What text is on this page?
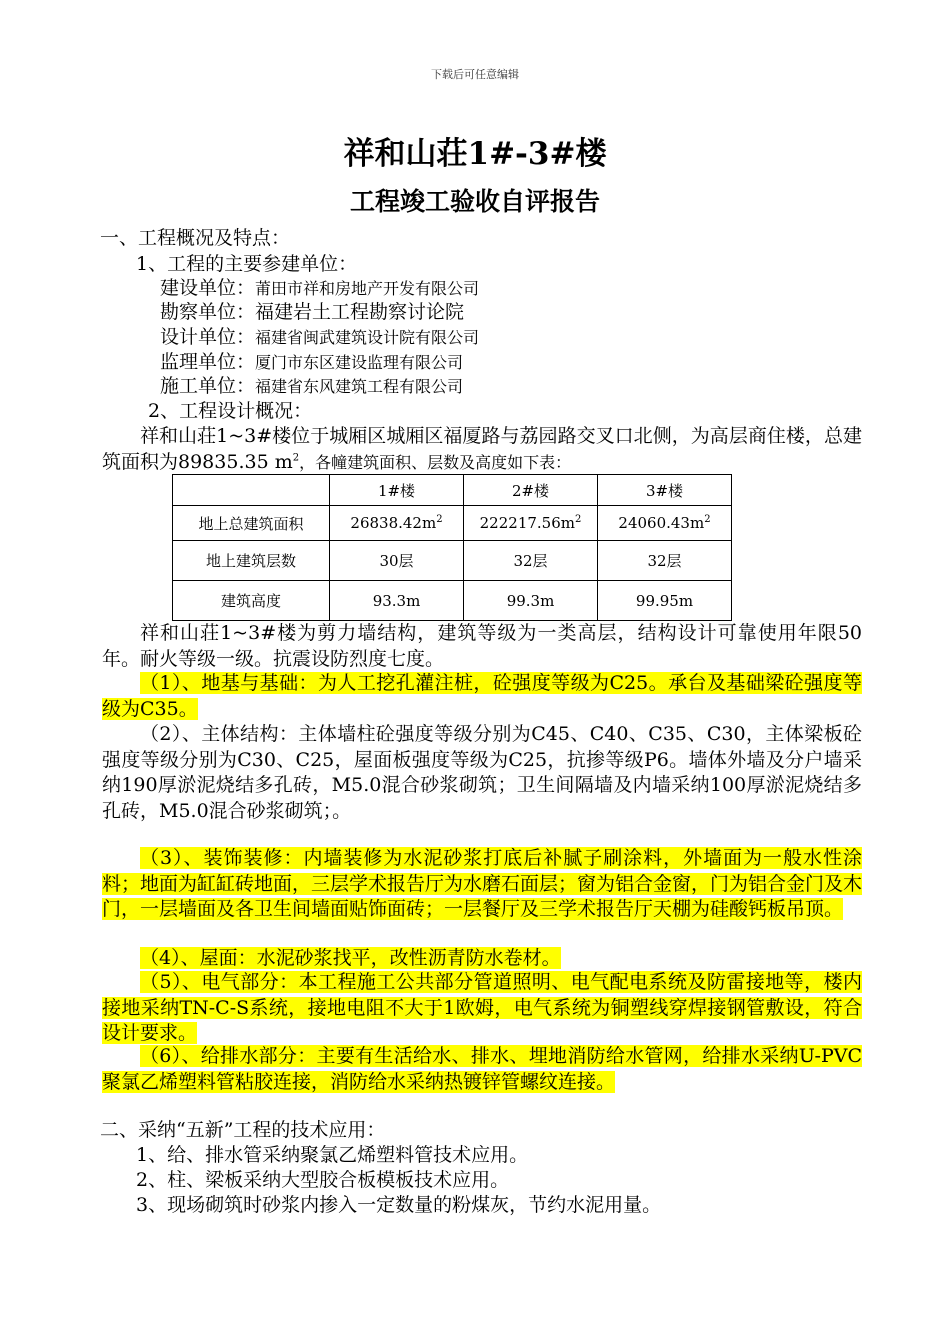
下载后可任意编辑
祥和山荘1#-3#楼
工程竣工验收自评报告
一、工程概况及特点：
1、工程的主要参建单位：
建设单位：莆田市祥和房地产开发有限公司
勘察单位：福建岩土工程勘察讨论院
设计单位：福建省闽武建筑设计院有限公司
监理单位：厦门市东区建设监理有限公司
施工单位：福建省东风建筑工程有限公司
2、工程设计概况：
祥和山荘1~3#楼位于城厢区城厢区福厦路与荔园路交叉口北侧，为高层商住楼，总建筑面积为89835.35 $m^2$，各幢建筑面积、层数及高度如下表：
	1#楼	2#楼	3#楼
地上总建筑面积	$26838.42m^2$	$222217.56m^2$	$24060.43m^2$
地上建筑层数	30层	32层	32层
建筑高度	93.3m	99.3m	99.95m
祥和山荘1~3#楼为剪力墙结构，建筑等级为一类高层，结构设计可靠使用年限50年。耐火等级一级。抗震设防烈度七度。
（1）、地基与基础：为人工挖孔灌注桩，砼强度等级为C25。承台及基础梁砼强度等级为C35。
（2）、主体结构：主体墙柱砼强度等级分别为C45、C40、C35、C30，主体梁板砼强度等级分别为C30、C25，屋面板强度等级为C25，抗掺等级P6。墙体外墙及分户墙采纳190厚淤泥烧结多孔砖，M5.0混合砂浆砌筑；卫生间隔墙及内墙采纳100厚淤泥烧结多孔砖，M5.0混合砂浆砌筑；。
（3）、装饰装修：内墙装修为水泥砂浆打底后补腻子刷涂料，外墙面为一般水性涂料；地面为缸缸砖地面，三层学术报告厅为水磨石面层；窗为铝合金窗，门为铝合金门及木门，一层墙面及各卫生间墙面贴饰面砖；一层餐厅及三学术报告厅天棚为硅酸钙板吊顶。
（4）、屋面：水泥砂浆找平，改性沥青防水卷材。
（5）、电气部分：本工程施工公共部分管道照明、电气配电系统及防雷接地等，楼内接地采纳TN-C-S系统，接地电阻不大于1欧姆，电气系统为铜塑线穿焊接钢管敷设，符合设计要求。
（6）、给排水部分：主要有生活给水、排水、埋地消防给水管网，给排水采纳U-PVC聚氯乙烯塑料管粘胶连接，消防给水采纳热镀锌管螺纹连接。
二、采纳“五新”工程的技术应用：
1、给、排水管采纳聚氯乙烯塑料管技术应用。
2、柱、梁板采纳大型胶合板模板技术应用。
3、现场砌筑时砂浆内掺入一定数量的粉煤灰，节约水泥用量。
